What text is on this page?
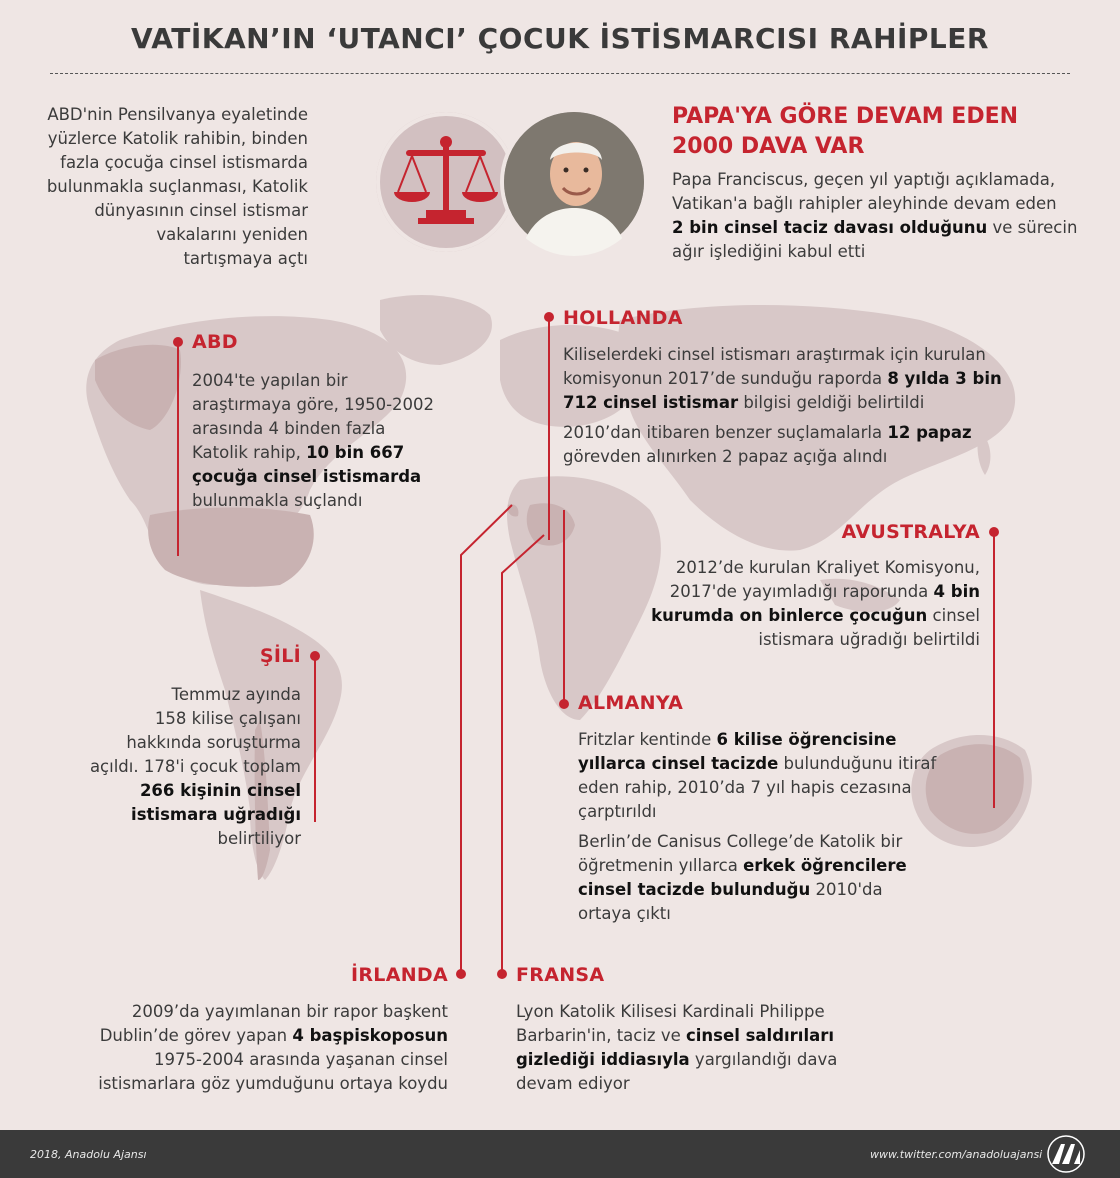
VATİKAN’IN ‘UTANCI’ ÇOCUK İSTİSMARCISI RAHİPLER
ABD'nin Pensilvanya eyaletinde
yüzlerce Katolik rahibin, binden
fazla çocuğa cinsel istismarda
bulunmakla suçlanması, Katolik
dünyasının cinsel istismar
vakalarını yeniden
tartışmaya açtı
PAPA'YA GÖRE DEVAM EDEN
2000 DAVA VAR
Papa Franciscus, geçen yıl yaptığı açıklamada,
Vatikan'a bağlı rahipler aleyhinde devam eden
2 bin cinsel taciz davası olduğunu ve sürecin
ağır işlediğini kabul etti
ABD
2004'te yapılan bir
araştırmaya göre, 1950-2002
arasında 4 binden fazla
Katolik rahip, 10 bin 667
çocuğa cinsel istismarda
bulunmakla suçlandı
HOLLANDA
Kiliselerdeki cinsel istismarı araştırmak için kurulan
komisyonun 2017’de sunduğu raporda 8 yılda 3 bin
712 cinsel istismar bilgisi geldiği belirtildi
2010’dan itibaren benzer suçlamalarla 12 papaz
görevden alınırken 2 papaz açığa alındı
AVUSTRALYA
2012’de kurulan Kraliyet Komisyonu,
2017'de yayımladığı raporunda 4 bin
kurumda on binlerce çocuğun cinsel
istismara uğradığı belirtildi
ŞİLİ
Temmuz ayında
158 kilise çalışanı
hakkında soruşturma
açıldı. 178'i çocuk toplam
266 kişinin cinsel
istismara uğradığı
belirtiliyor
ALMANYA
Fritzlar kentinde 6 kilise öğrencisine
yıllarca cinsel tacizde bulunduğunu itiraf
eden rahip, 2010’da 7 yıl hapis cezasına
çarptırıldı
Berlin’de Canisus College’de Katolik bir
öğretmenin yıllarca erkek öğrencilere
cinsel tacizde bulunduğu 2010'da
ortaya çıktı
İRLANDA
2009’da yayımlanan bir rapor başkent
Dublin’de görev yapan 4 başpiskoposun
1975-2004 arasında yaşanan cinsel
istismarlara göz yumduğunu ortaya koydu
FRANSA
Lyon Katolik Kilisesi Kardinali Philippe
Barbarin'in, taciz ve cinsel saldırıları
gizlediği iddiasıyla yargılandığı dava
devam ediyor
2018, Anadolu Ajansı	www.twitter.com/anadoluajansi
